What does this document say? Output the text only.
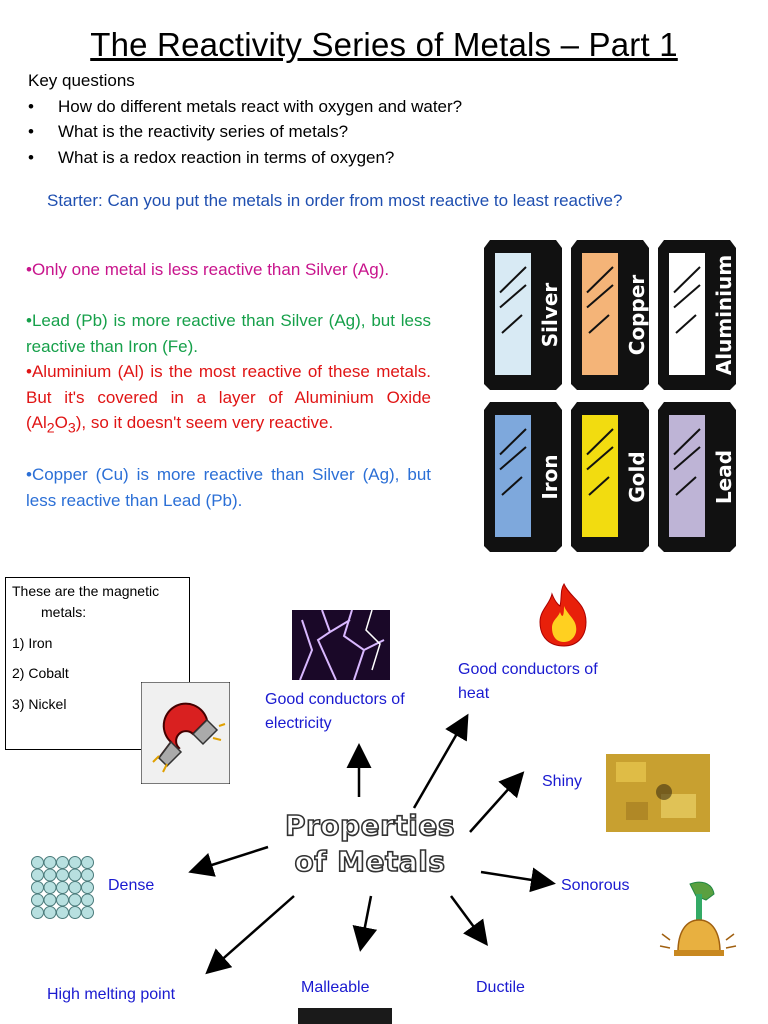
The Reactivity Series of Metals – Part 1
Key questions
• How do different metals react with oxygen and water?
• What is the reactivity series of metals?
• What is a redox reaction in terms of oxygen?
Starter: Can you put the metals in order from most reactive to least reactive?
•Only one metal is less reactive than Silver (Ag).
•Lead (Pb) is more reactive than Silver (Ag), but less reactive than Iron (Fe).
•Aluminium (Al) is the most reactive of these metals. But it's covered in a layer of Aluminium Oxide $(Al_2O_3)$, so it doesn't seem very reactive.
•Copper (Cu) is more reactive than Silver (Ag), but less reactive than Lead (Pb).
Silver	Copper	Aluminium
Iron	Gold	Lead
These are the magnetic
metals:
1) Iron
2) Cobalt
3) Nickel
Properties
of Metals
Good conductors of
electricity
Good conductors of
heat
Shiny
Sonorous
Dense
High melting point	Malleable	Ductile
